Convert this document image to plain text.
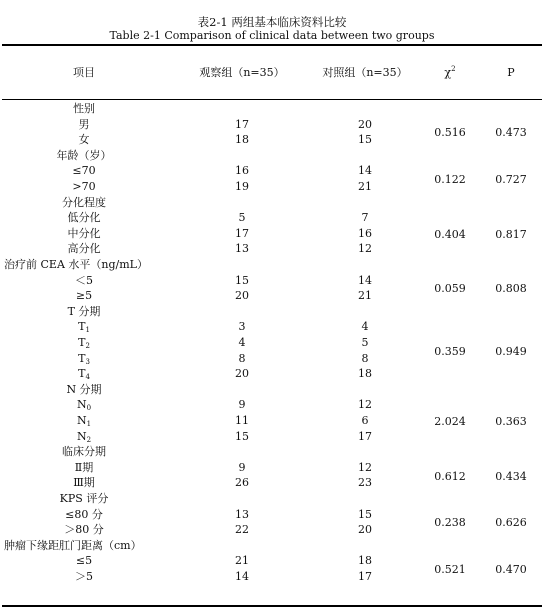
表2-1 两组基本临床资料比较
Table 2-1 Comparison of clinical data between two groups
项目	观察组（n=35）	对照组（n=35）	$\chi^2$	P
性别
男	17	20
女	18	15
0.516	0.473
年龄（岁）
≤70	16	14
>70	19	21
0.122	0.727
分化程度
低分化	5	7
中分化	17	16
高分化	13	12
0.404	0.817
治疗前 CEA 水平（ng/mL）
＜5	15	14
≥5	20	21
0.059	0.808
T 分期
$T_1$	3	4
$T_2$	4	5
$T_3$	8	8
$T_4$	20	18
0.359	0.949
N 分期
$N_0$	9	12
$N_1$	11	6
$N_2$	15	17
2.024	0.363
临床分期
Ⅱ期	9	12
Ⅲ期	26	23
0.612	0.434
KPS 评分
≤80 分	13	15
＞80 分	22	20
0.238	0.626
肿瘤下缘距肛门距离（cm）
≤5	21	18
＞5	14	17
0.521	0.470
